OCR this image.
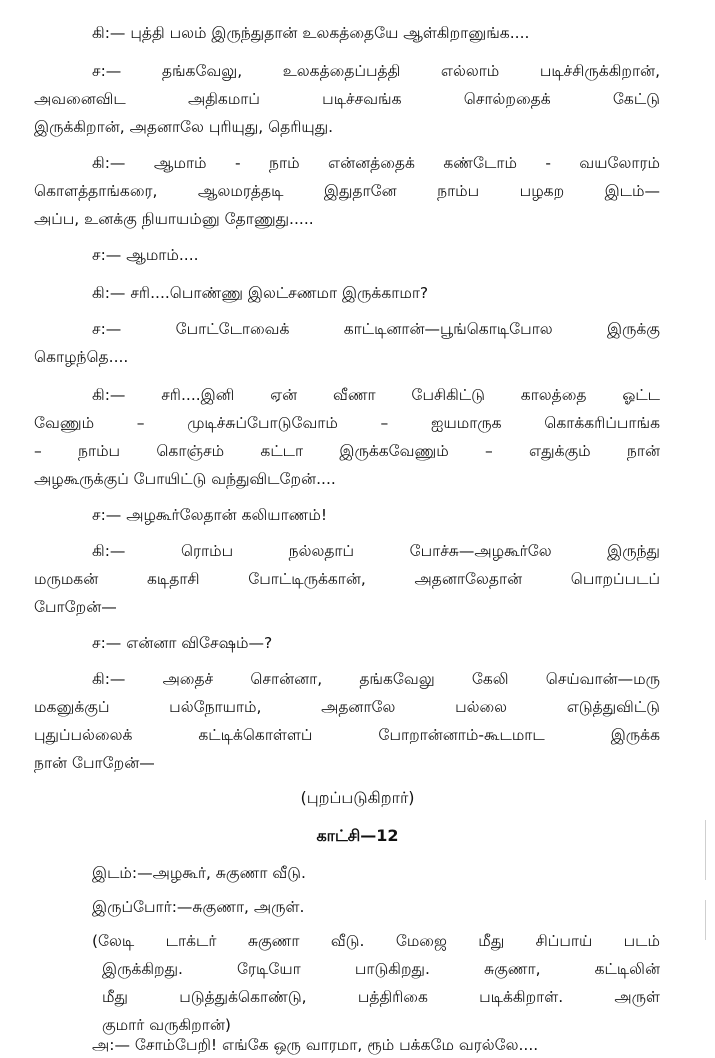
கி:— புத்தி பலம் இருந்துதான் உலகத்தையே ஆள்கிறானுங்க....
ச:— தங்கவேலு, உலகத்தைப்பத்தி எல்லாம் படிச்சிருக்கிறான்,
அவனைவிட அதிகமாப் படிச்சவங்க சொல்றதைக் கேட்டு
இருக்கிறான், அதனாலே புரியுது, தெரியுது.
கி:— ஆமாம் - நாம் என்னத்தைக் கண்டோம் - வயலோரம்
கொளத்தாங்கரை, ஆலமரத்தடி இதுதானே நாம்ப பழகற இடம்—
அப்ப, உனக்கு நியாயம்னு தோணுது.....
ச:— ஆமாம்....
கி:— சரி....பொண்ணு இலட்சணமா இருக்காமா?
ச:— போட்டோவைக் காட்டினான்—பூங்கொடிபோல இருக்கு
கொழந்தெ....
கி:— சரி....இனி ஏன் வீணா பேசிகிட்டு காலத்தை ஓட்ட
வேணும் – முடிச்சுப்போடுவோம் – ஐயமாருக கொக்கரிப்பாங்க
– நாம்ப கொஞ்சம் கட்டா இருக்கவேணும் – எதுக்கும் நான்
அழகூருக்குப் போயிட்டு வந்துவிடறேன்....
ச:— அழகூர்லேதான் கலியாணம்!
கி:— ரொம்ப நல்லதாப் போச்சு—அழகூர்லே இருந்து
மருமகன் கடிதாசி போட்டிருக்கான், அதனாலேதான் பொறப்படப்
போறேன்—
ச:— என்னா விசேஷம்—?
கி:— அதைச் சொன்னா, தங்கவேலு கேலி செய்வான்—மரு
மகனுக்குப் பல்நோயாம், அதனாலே பல்லை எடுத்துவிட்டு
புதுப்பல்லைக் கட்டிக்கொள்ளப் போறான்னாம்-கூடமாட இருக்க
நான் போறேன்—
(புறப்படுகிறார்)
காட்சி—12
இடம்:—அழகூர், சுகுணா வீடு.
இருப்போர்:—சுகுணா, அருள்.
(லேடி டாக்டர் சுகுணா வீடு. மேஜை மீது சிப்பாய் படம்
இருக்கிறது. ரேடியோ பாடுகிறது. சுகுணா, கட்டிலின்
மீது படுத்துக்கொண்டு, பத்திரிகை படிக்கிறாள். அருள்
குமார் வருகிறான்)
அ:— சோம்பேறி! எங்கே ஒரு வாரமா, ரூம் பக்கமே வரல்லே....
